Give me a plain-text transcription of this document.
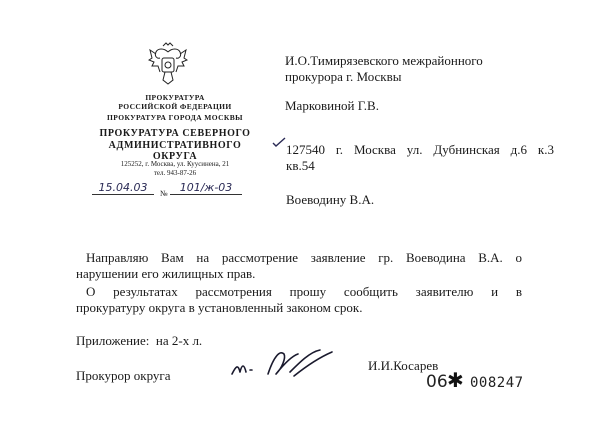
ПРОКУРАТУРА
РОССИЙСКОЙ ФЕДЕРАЦИИ
ПРОКУРАТУРА ГОРОДА МОСКВЫ
ПРОКУРАТУРА СЕВЕРНОГО
АДМИНИСТРАТИВНОГО ОКРУГА
125252, г. Москва, ул. Куусинена, 21
тел. 943-87-26
15.04.03	№	101/ж-03
И.О.Тимирязевского межрайонного
прокурора г. Москвы
Марковиной Г.В.
127540 г. Москва ул. Дубнинская д.6 к.3
кв.54
Воеводину В.А.
Направляю Вам на рассмотрение заявление гр. Воеводина В.А. о
нарушении его жилищных прав.
О результатах рассмотрения прошу сообщить заявителю и в
прокуратуру округа в установленный законом срок.
Приложение:  на 2-х л.
Прокурор округа
И.И.Косарев
06 ✱ 008247
